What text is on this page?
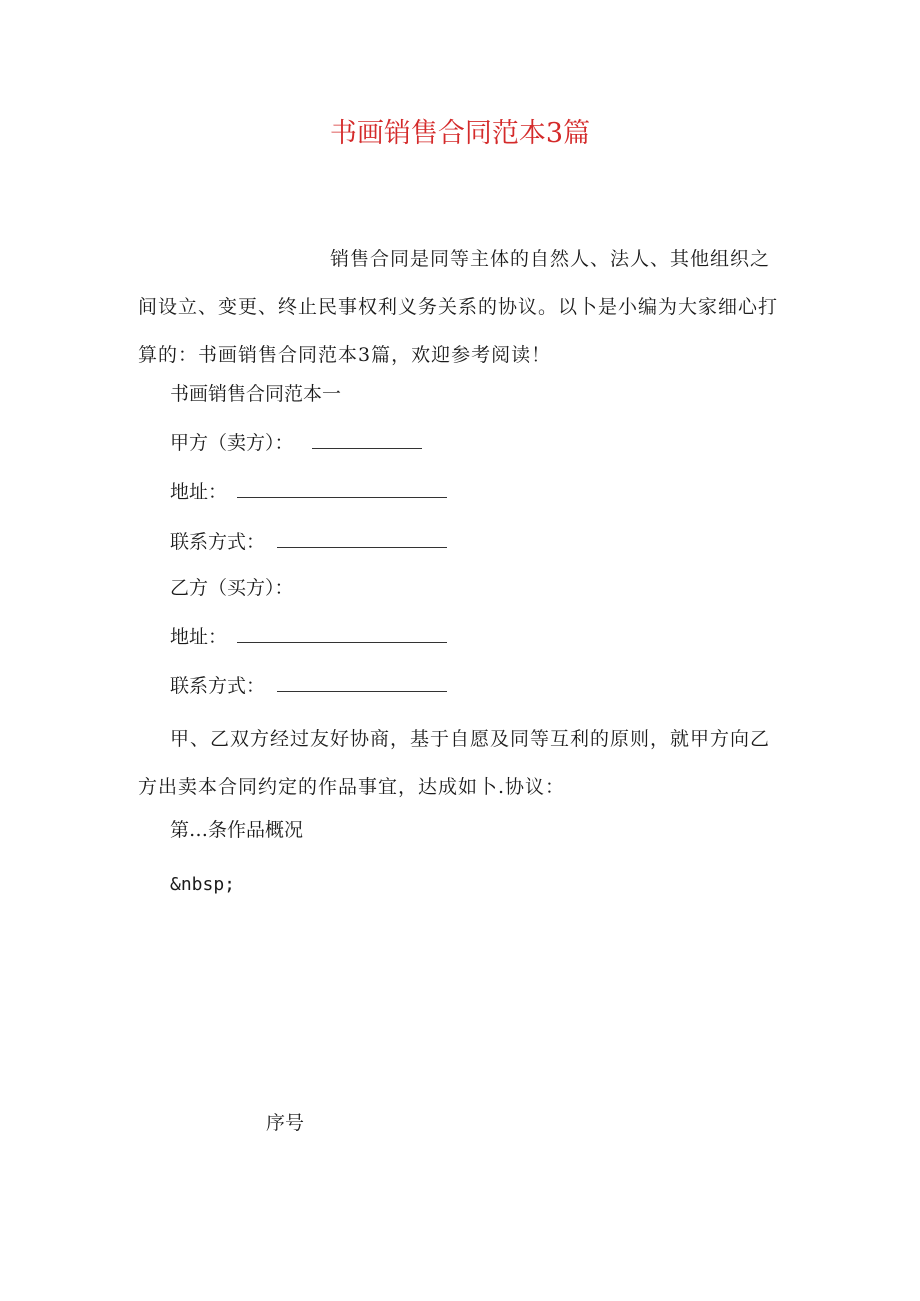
书画销售合同范本3篇

销售合同是同等主体的自然人、法人、其他组织之间设立、变更、终止民事权利义务关系的协议。以卜是小编为大家细心打算的：书画销售合同范本3篇，欢迎参考阅读！

书画销售合同范本一

甲方（卖方）：

地址：

联系方式：

乙方（买方）：

地址：

联系方式：

甲、乙双方经过友好协商，基于自愿及同等互利的原则，就甲方向乙方出卖本合同约定的作品事宜，达成如卜.协议：

第…条作品概况

&nbsp;

序号
